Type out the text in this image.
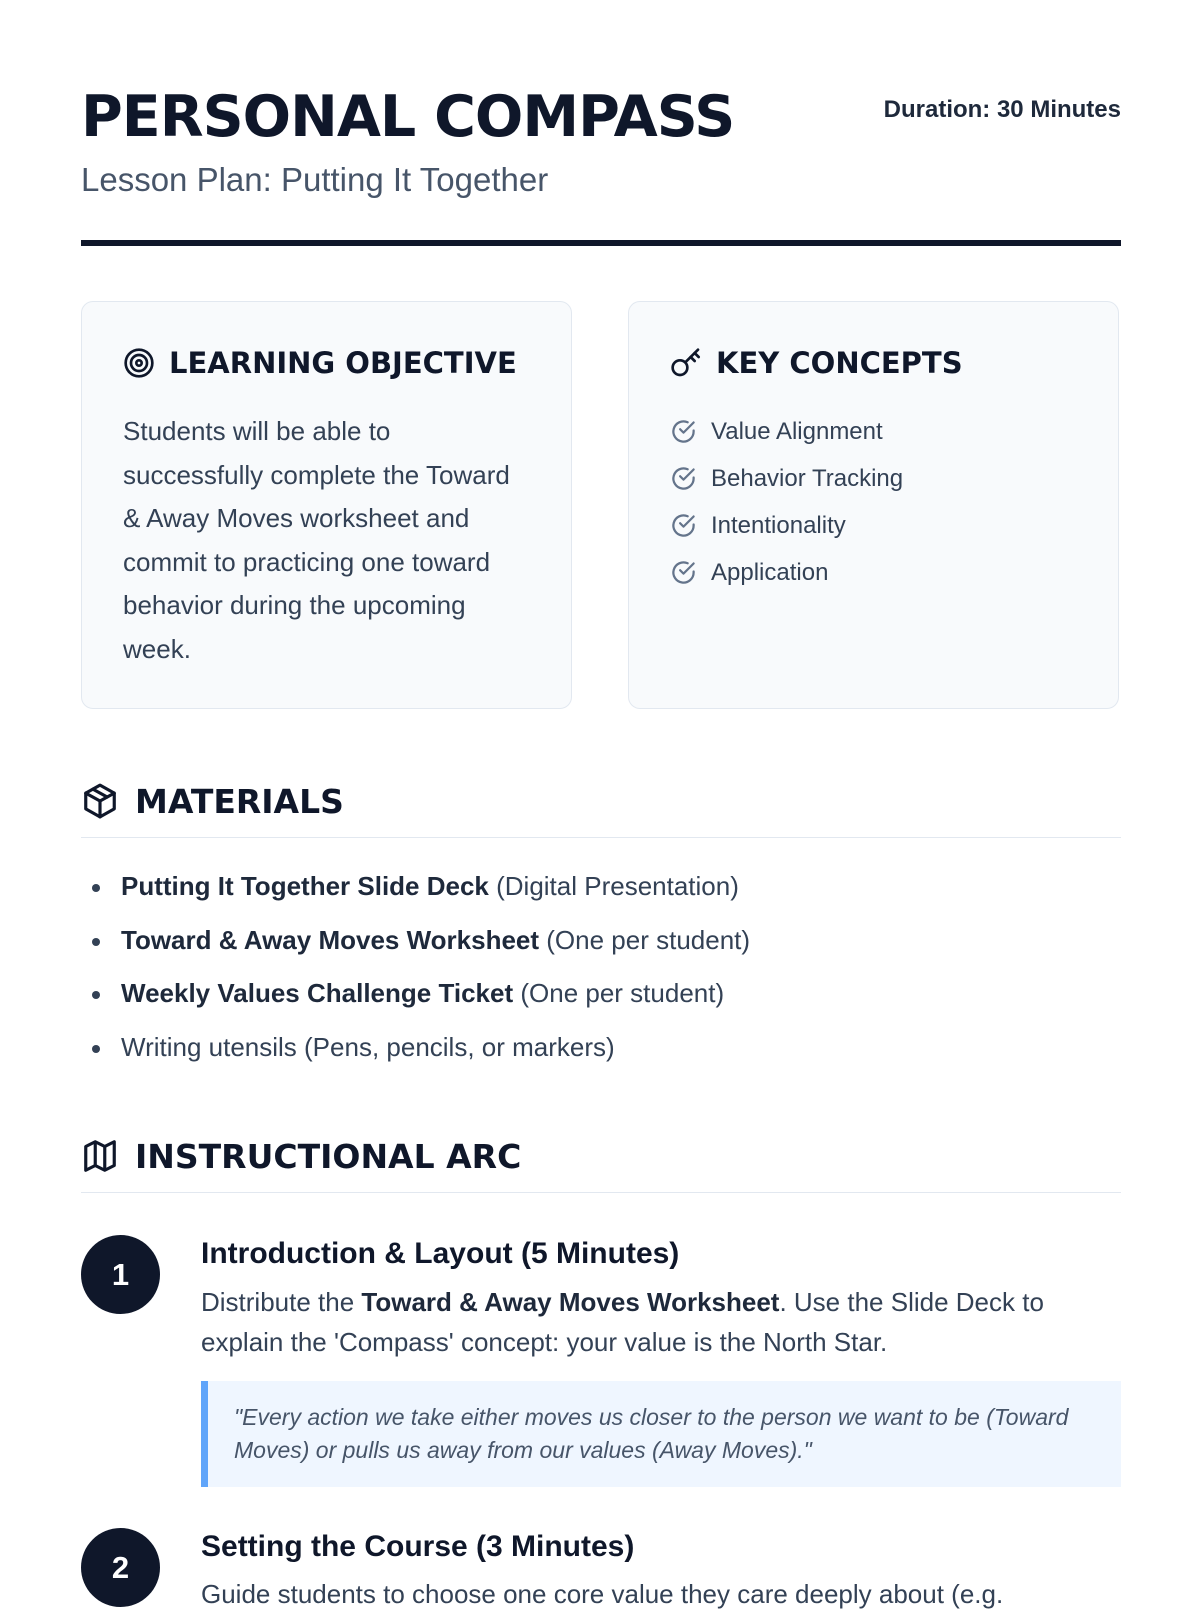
PERSONAL COMPASS

Lesson Plan: Putting It Together

Duration: 30 Minutes
LEARNING OBJECTIVE

Students will be able to successfully complete the Toward & Away Moves worksheet and commit to practicing one toward behavior during the upcoming week.

KEY CONCEPTS
Value Alignment
Behavior Tracking
Intentionality
Application
MATERIALS
Putting It Together Slide Deck (Digital Presentation)
Toward & Away Moves Worksheet (One per student)
Weekly Values Challenge Ticket (One per student)
Writing utensils (Pens, pencils, or markers)
INSTRUCTIONAL ARC
1
Introduction & Layout (5 Minutes)

Distribute the Toward & Away Moves Worksheet. Use the Slide Deck to explain the 'Compass' concept: your value is the North Star.

"Every action we take either moves us closer to the person we want to be (Toward Moves) or pulls us away from our values (Away Moves)."
2
Setting the Course (3 Minutes)

Guide students to choose one core value they care deeply about (e.g.
